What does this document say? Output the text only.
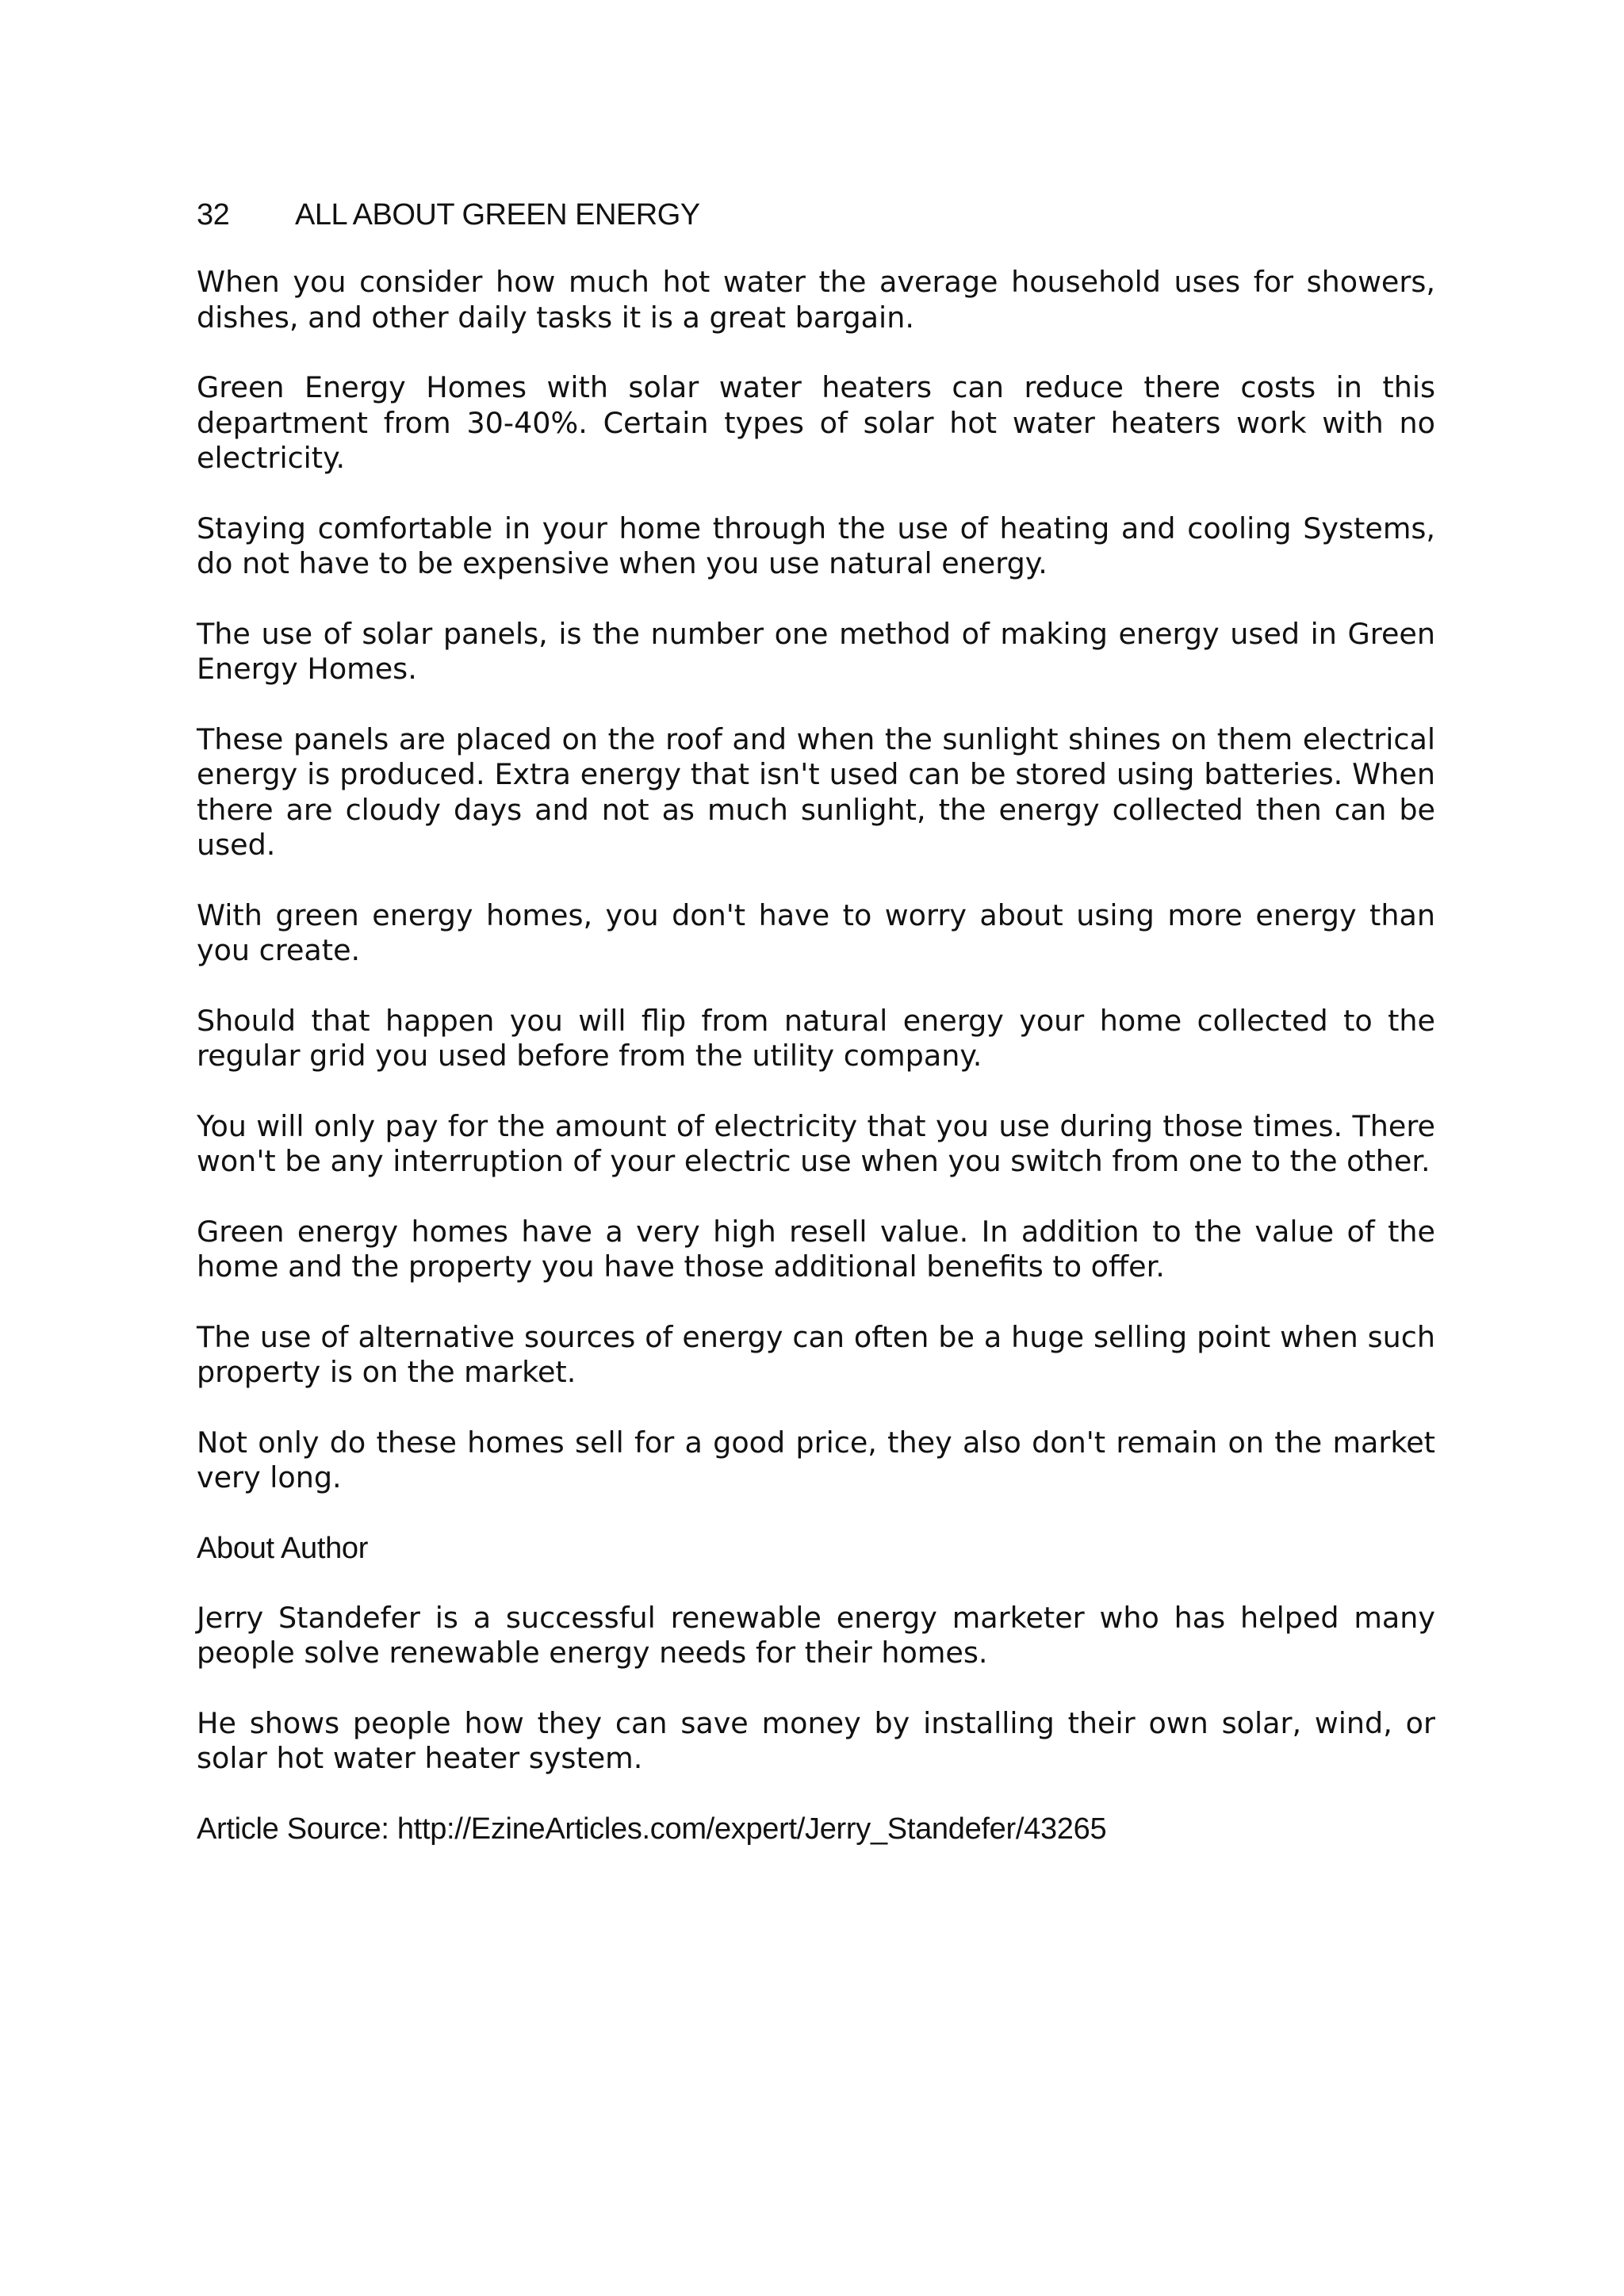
32	ALL ABOUT GREEN ENERGY

When you consider how much hot water the average household uses for showers, dishes, and other daily tasks it is a great bargain.

Green Energy Homes with solar water heaters can reduce there costs in this department from 30-40%. Certain types of solar hot water heaters work with no electricity.

Staying comfortable in your home through the use of heating and cooling Systems, do not have to be expensive when you use natural energy.

The use of solar panels, is the number one method of making energy used in Green Energy Homes.

These panels are placed on the roof and when the sunlight shines on them electrical energy is produced. Extra energy that isn't used can be stored using batteries. When there are cloudy days and not as much sunlight, the energy collected then can be used.

With green energy homes, you don't have to worry about using more energy than you create.

Should that happen you will flip from natural energy your home collected to the regular grid you used before from the utility company.

You will only pay for the amount of electricity that you use during those times. There won't be any interruption of your electric use when you switch from one to the other.

Green energy homes have a very high resell value. In addition to the value of the home and the property you have those additional benefits to offer.

The use of alternative sources of energy can often be a huge selling point when such property is on the market.

Not only do these homes sell for a good price, they also don't remain on the market very long.

About Author

Jerry Standefer is a successful renewable energy marketer who has helped many people solve renewable energy needs for their homes.

He shows people how they can save money by installing their own solar, wind, or solar hot water heater system.

Article Source: http://EzineArticles.com/expert/Jerry_Standefer/43265
